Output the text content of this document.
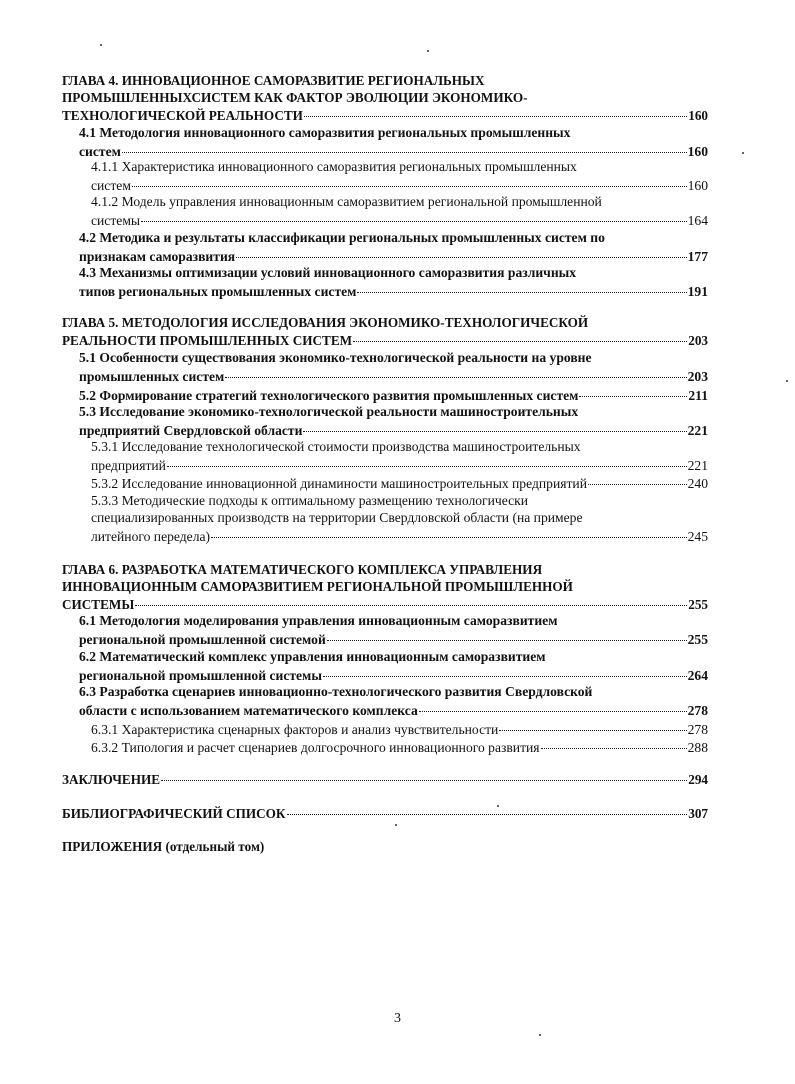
ГЛАВА 4. ИННОВАЦИОННОЕ САМОРАЗВИТИЕ РЕГИОНАЛЬНЫХ
ПРОМЫШЛЕННЫХСИСТЕМ КАК ФАКТОР ЭВОЛЮЦИИ ЭКОНОМИКО-
ТЕХНОЛОГИЧЕСКОЙ РЕАЛЬНОСТИ	160
4.1 Методология инновационного саморазвития региональных промышленных
систем	160
4.1.1 Характеристика инновационного саморазвития региональных промышленных
систем	160
4.1.2 Модель управления инновационным саморазвитием региональной промышленной
системы	164
4.2 Методика и результаты классификации региональных промышленных систем по
признакам саморазвития	177
4.3 Механизмы оптимизации условий инновационного саморазвития различных
типов региональных промышленных систем	191
ГЛАВА 5. МЕТОДОЛОГИЯ ИССЛЕДОВАНИЯ ЭКОНОМИКО-ТЕХНОЛОГИЧЕСКОЙ
РЕАЛЬНОСТИ ПРОМЫШЛЕННЫХ СИСТЕМ	203
5.1 Особенности существования экономико-технологической реальности на уровне
промышленных систем	203
5.2 Формирование стратегий технологического развития промышленных систем	211
5.3 Исследование экономико-технологической реальности машиностроительных
предприятий Свердловской области	221
5.3.1 Исследование технологической стоимости производства машиностроительных
предприятий	221
5.3.2 Исследование инновационной динаминости машиностроительных предприятий	240
5.3.3 Методические подходы к оптимальному размещению технологически
специализированных производств на территории Свердловской области (на примере
литейного передела)	245
ГЛАВА 6. РАЗРАБОТКА МАТЕМАТИЧЕСКОГО КОМПЛЕКСА УПРАВЛЕНИЯ
ИННОВАЦИОННЫМ САМОРАЗВИТИЕМ РЕГИОНАЛЬНОЙ ПРОМЫШЛЕННОЙ
СИСТЕМЫ	255
6.1 Методология моделирования управления инновационным саморазвитием
региональной промышленной системой	255
6.2 Математический комплекс управления инновационным саморазвитием
региональной промышленной системы	264
6.3 Разработка сценариев инновационно-технологического развития Свердловской
области с использованием математического комплекса	278
6.3.1 Характеристика сценарных факторов и анализ чувствительности	278
6.3.2 Типология и расчет сценариев долгосрочного инновационного развития	288
ЗАКЛЮЧЕНИЕ	294
БИБЛИОГРАФИЧЕСКИЙ СПИСОК	307
ПРИЛОЖЕНИЯ (отдельный том)
3
